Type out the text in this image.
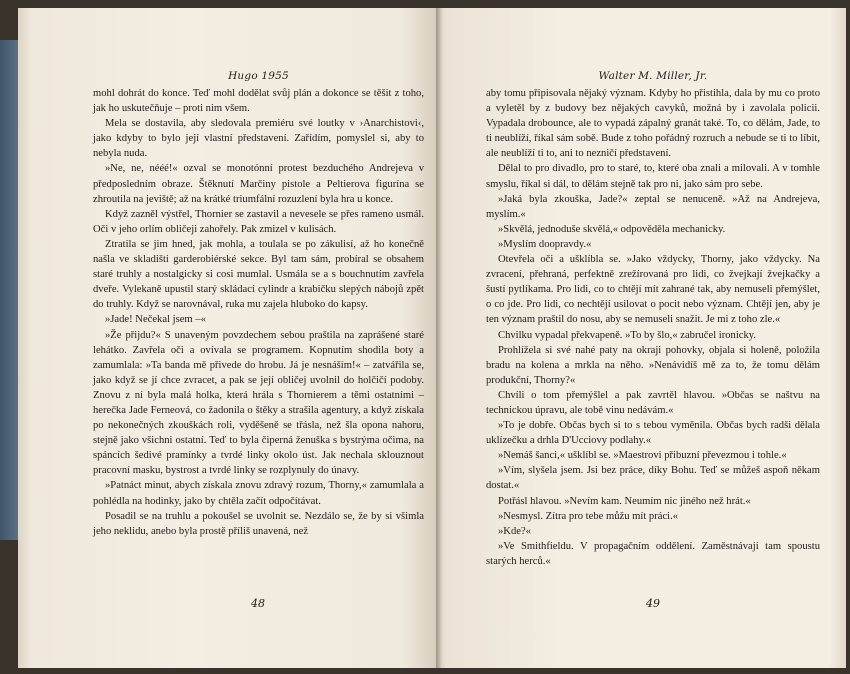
Hugo 1955

mohl dohrát do konce. Teď mohl dodělat svůj plán a dokonce se těšit z toho, jak ho uskutečňuje – proti nim všem.

Mela se dostavila, aby sledovala premiéru své loutky v ›Anarchistovi‹, jako kdyby to bylo její vlastní představení. Zařídím, pomyslel si, aby to nebyla nuda.

»Ne, ne, nééé!« ozval se monotónní protest bezduchého Andrejeva v předposledním obraze. Štěknutí Marčiny pistole a Peltierova figurína se zhroutila na jeviště; až na krátké triumfální rozuzlení byla hra u konce.

Když zazněl výstřel, Thornier se zastavil a nevesele se přes rameno usmál. Oči v jeho orlím obličeji zahořely. Pak zmizel v kulisách.

Ztratila se jim hned, jak mohla, a toulala se po zákulisí, až ho konečně našla ve skladišti garderobiérské sekce. Byl tam sám, probíral se obsahem staré truhly a nostalgicky si cosi mumlal. Usmála se a s bouchnutím zavřela dveře. Vylekaně upustil starý skládací cylindr a krabičku slepých nábojů zpět do truhly. Když se narovnával, ruka mu zajela hluboko do kapsy.

»Jade! Nečekal jsem –«

»Že přijdu?« S unaveným povzdechem sebou praštila na zaprášené staré lehátko. Zavřela oči a ovívala se programem. Kopnutím shodila boty a zamumlala: »Ta banda mě přivede do hrobu. Já je nesnáším!« – zatvářila se, jako když se jí chce zvracet, a pak se její obličej uvolnil do holčičí podoby. Znovu z ní byla malá holka, která hrála s Thornierem a těmi ostatními – herečka Jade Ferneová, co žadonila o štěky a strašila agentury, a když získala po nekonečných zkouškách roli, vyděšeně se třásla, než šla opona nahoru, stejně jako všichni ostatní. Teď to byla čiperná ženuška s bystrýma očima, na spáncích šedivé pramínky a tvrdé linky okolo úst. Jak nechala sklouznout pracovní masku, bystrost a tvrdé linky se rozplynuly do únavy.

»Patnáct minut, abych získala znovu zdravý rozum, Thorny,« zamumlala a pohlédla na hodinky, jako by chtěla začít odpočítávat.

Posadil se na truhlu a pokoušel se uvolnit se. Nezdálo se, že by si všimla jeho neklidu, anebo byla prostě příliš unavená, než

48
Walter M. Miller, Jr.

aby tomu připisovala nějaký význam. Kdyby ho přistihla, dala by mu co proto a vyletěl by z budovy bez nějakých cavyků, možná by i zavolala policii. Vypadala drobounce, ale to vypadá zápalný granát také. To, co dělám, Jade, to ti neublíží, říkal sám sobě. Bude z toho pořádný rozruch a nebude se ti to líbit, ale neublíží ti to, ani to nezničí představení.

Dělal to pro divadlo, pro to staré, to, které oba znali a milovali. A v tomhle smyslu, říkal si dál, to dělám stejně tak pro ni, jako sám pro sebe.

»Jaká byla zkouška, Jade?« zeptal se nenuceně. »Až na Andrejeva, myslím.«

»Skvělá, jednoduše skvělá,« odpověděla mechanicky.

»Myslím doopravdy.«

Otevřela oči a ušklíbla se. »Jako vždycky, Thorny, jako vždycky. Na zvracení, přehraná, perfektně zrežírovaná pro lidi, co žvejkají žvejkačky a šustí pytlíkama. Pro lidi, co to chtějí mít zahrané tak, aby nemuseli přemýšlet, o co jde. Pro lidi, co nechtějí usilovat o pocit nebo význam. Chtějí jen, aby je ten význam praštil do nosu, aby se nemuseli snažit. Je mi z toho zle.«

Chvilku vypadal překvapeně. »To by šlo,« zabručel ironicky.

Prohlížela si své nahé paty na okraji pohovky, objala si holeně, položila bradu na kolena a mrkla na něho. »Nenávidíš mě za to, že tomu dělám produkční, Thorny?«

Chvíli o tom přemýšlel a pak zavrtěl hlavou. »Občas se naštvu na technickou úpravu, ale tobě vinu nedávám.«

»To je dobře. Občas bych si to s tebou vyměnila. Občas bych radši dělala uklízečku a drhla D'Ucciovy podlahy.«

»Nemáš šanci,« ušklíbl se. »Maestrovi přibuzní převezmou i tohle.«

»Vím, slyšela jsem. Jsi bez práce, díky Bohu. Teď se můžeš aspoň někam dostat.«

Potřásl hlavou. »Nevím kam. Neumím nic jiného než hrát.«

»Nesmysl. Zítra pro tebe můžu mít práci.«

»Kde?«

»Ve Smithfieldu. V propagačním oddělení. Zaměstnávají tam spoustu starých herců.«

49
